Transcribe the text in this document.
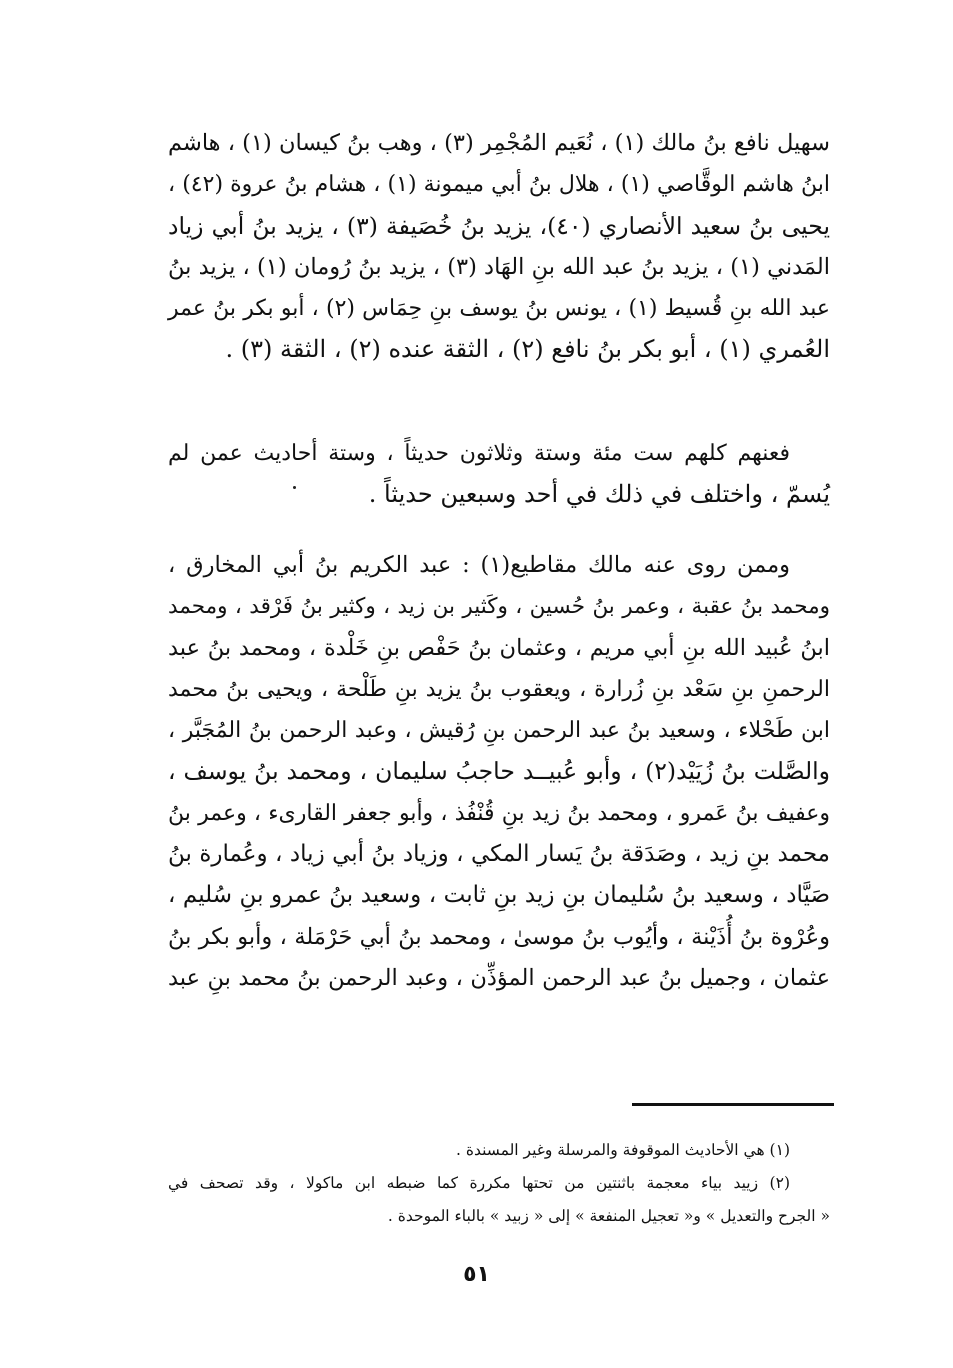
سهيل نافع بنُ مالك (١) ، نُعَيم المُجْمِر (٣) ، وهب بنُ كيسان (١) ، هاشم
ابنُ هاشم الوقَّاصي (١) ، هلال بنُ أبي ميمونة (١) ، هشام بنُ عروة (٤٢) ،
يحيى بنُ سعيد الأنصاري (٤٠)، يزيد بنُ خُصَيفة (٣) ، يزيد بنُ أبي زياد
المَدني (١) ، يزيد بنُ عبد الله بنِ الهَاد (٣) ، يزيد بنُ رُومان (١) ، يزيد بنُ
عبد الله بنِ قُسيط (١) ، يونس بنُ يوسف بنِ حِمَاس (٢) ، أبو بكر بنُ عمر
العُمري (١) ، أبو بكر بنُ نافع (٢) ، الثقة عنده (٢) ، الثقة (٣) .
فعنهم كلهم ست مئة وستة وثلاثون حديثاً ، وستة أحاديث عمن لم
يُسمّ ، واختلف في ذلك في أحد وسبعين حديثاً .
وممن روى عنه مالك مقاطيع(١) : عبد الكريم بنُ أبي المخارق ،
ومحمد بنُ عقبة ، وعمر بنُ حُسين ، وكَثير بن زيد ، وكثير بنُ فَرْقد ، ومحمد
ابنُ عُبيد الله بنِ أبي مريم ، وعثمان بنُ حَفْص بنِ خَلْدة ، ومحمد بنُ عبد
الرحمنِ بنِ سَعْد بنِ زُرارة ، ويعقوب بنُ يزيد بنِ طَلْحة ، ويحيى بنُ محمد
ابن طَحْلاء ، وسعيد بنُ عبد الرحمن بنِ رُقيش ، وعبد الرحمن بنُ المُجَبَّر ،
والصَّلت بنُ زُيَيْد(٢) ، وأبو عُبيــد حاجبُ سليمان ، ومحمد بنُ يوسف ،
وعفيف بنُ عَمرو ، ومحمد بنُ زيد بنِ قُنْفُذ ، وأبو جعفر القارىء ، وعمر بنُ
محمد بنِ زيد ، وصَدَقة بنُ يَسار المكي ، وزياد بنُ أبي زياد ، وعُمارة بنُ
صَيَّاد ، وسعيد بنُ سُليمان بنِ زيد بنِ ثابت ، وسعيد بنُ عمرو بنِ سُليم ،
وعُرْوة بنُ أُذَيْنة ، وأيُوب بنُ موسىٰ ، ومحمد بنُ أبي حَرْمَلة ، وأبو بكر بنُ
عثمان ، وجميل بنُ عبد الرحمن المؤذِّن ، وعبد الرحمن بنُ محمد بنِ عبد
(١) هي الأحاديث الموقوفة والمرسلة وغير المسندة .
(٢) زييد بياء معجمة باثنتين من تحتها مكررة كما ضبطه ابن ماكولا ، وقد تصحف في
« الجرح والتعديل » و« تعجيل المنفعة » إلى « زبيد » بالباء الموحدة .
٥١
